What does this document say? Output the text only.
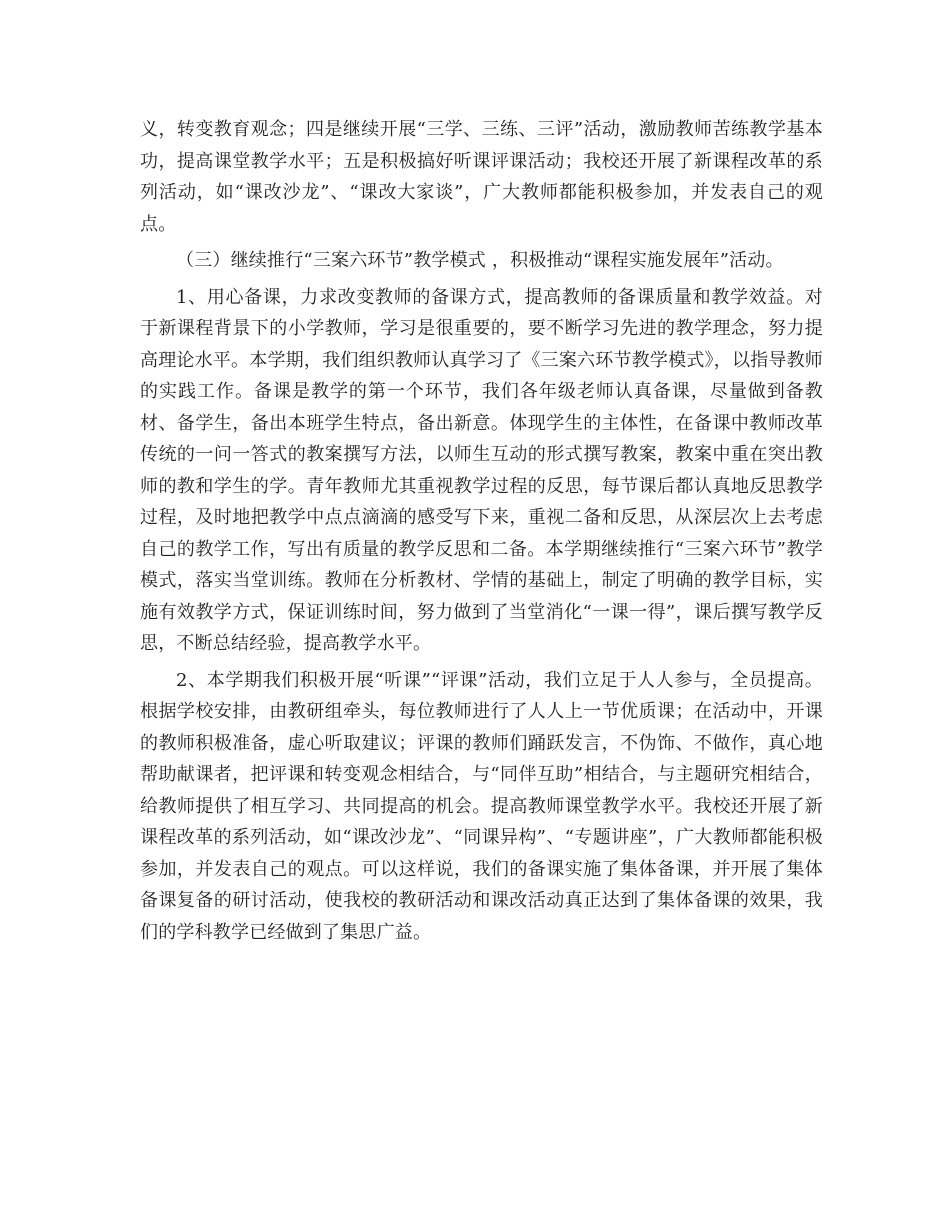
义，转变教育观念；四是继续开展“三学、三练、三评”活动，激励教师苦练教学基本功，提高课堂教学水平；五是积极搞好听课评课活动；我校还开展了新课程改革的系列活动，如“课改沙龙”、“课改大家谈”，广大教师都能积极参加，并发表自己的观点。

（三）继续推行“三案六环节”教学模式 ，积极推动“课程实施发展年”活动。

1、用心备课，力求改变教师的备课方式，提高教师的备课质量和教学效益。对于新课程背景下的小学教师，学习是很重要的，要不断学习先进的教学理念，努力提高理论水平。本学期，我们组织教师认真学习了《三案六环节教学模式》，以指导教师的实践工作。备课是教学的第一个环节，我们各年级老师认真备课，尽量做到备教材、备学生，备出本班学生特点，备出新意。体现学生的主体性，在备课中教师改革传统的一问一答式的教案撰写方法，以师生互动的形式撰写教案，教案中重在突出教师的教和学生的学。青年教师尤其重视教学过程的反思，每节课后都认真地反思教学过程，及时地把教学中点点滴滴的感受写下来，重视二备和反思，从深层次上去考虑自己的教学工作，写出有质量的教学反思和二备。本学期继续推行“三案六环节”教学模式，落实当堂训练。教师在分析教材、学情的基础上，制定了明确的教学目标，实施有效教学方式，保证训练时间，努力做到了当堂消化“一课一得”，课后撰写教学反思，不断总结经验，提高教学水平。

2、本学期我们积极开展“听课”“评课”活动，我们立足于人人参与，全员提高。根据学校安排，由教研组牵头，每位教师进行了人人上一节优质课；在活动中，开课的教师积极准备，虚心听取建议；评课的教师们踊跃发言，不伪饰、不做作，真心地帮助献课者，把评课和转变观念相结合，与“同伴互助”相结合，与主题研究相结合，给教师提供了相互学习、共同提高的机会。提高教师课堂教学水平。我校还开展了新课程改革的系列活动，如“课改沙龙”、“同课异构”、“专题讲座”，广大教师都能积极参加，并发表自己的观点。可以这样说，我们的备课实施了集体备课，并开展了集体备课复备的研讨活动，使我校的教研活动和课改活动真正达到了集体备课的效果，我们的学科教学已经做到了集思广益。
